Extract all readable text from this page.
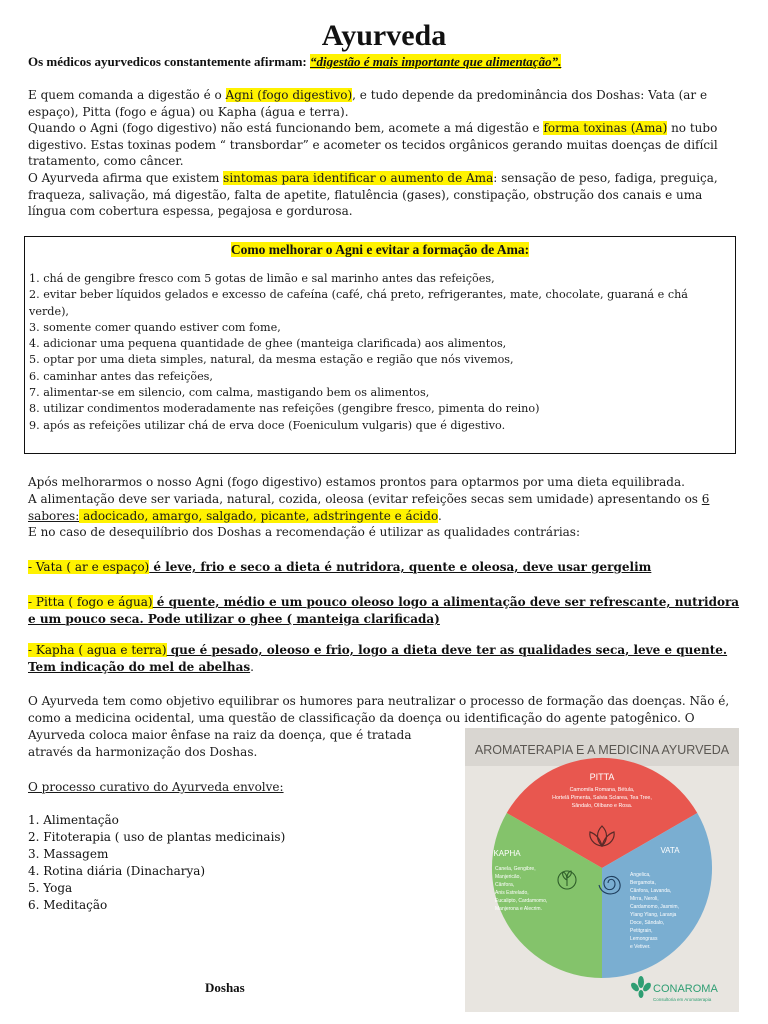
Ayurveda
Os médicos ayurvedicos constantemente afirmam: “digestão é mais importante que alimentação”.

E quem comanda a digestão é o Agni (fogo digestivo), e tudo depende da predominância dos Doshas: Vata (ar e espaço), Pitta (fogo e água) ou Kapha (água e terra).

Quando o Agni (fogo digestivo) não está funcionando bem, acomete a má digestão e forma toxinas (Ama) no tubo digestivo. Estas toxinas podem “ transbordar” e acometer os tecidos orgânicos gerando muitas doenças de difícil tratamento, como câncer.

O Ayurveda afirma que existem sintomas para identificar o aumento de Ama: sensação de peso, fadiga, preguiça, fraqueza, salivação, má digestão, falta de apetite, flatulência (gases), constipação, obstrução dos canais e uma língua com cobertura espessa, pegajosa e gordurosa.

Como melhorar o Agni e evitar a formação de Ama:
1. chá de gengibre fresco com 5 gotas de limão e sal marinho antes das refeições,
2. evitar beber líquidos gelados e excesso de cafeína (café, chá preto, refrigerantes, mate, chocolate, guaraná e chá verde),
3. somente comer quando estiver com fome,
4. adicionar uma pequena quantidade de ghee (manteiga clarificada) aos alimentos,
5. optar por uma dieta simples, natural, da mesma estação e região que nós vivemos,
6. caminhar antes das refeições,
7. alimentar-se em silencio, com calma, mastigando bem os alimentos,
8. utilizar condimentos moderadamente nas refeições (gengibre fresco, pimenta do reino)
9. após as refeições utilizar chá de erva doce (Foeniculum vulgaris) que é digestivo.

Após melhorarmos o nosso Agni (fogo digestivo) estamos prontos para optarmos por uma dieta equilibrada.

A alimentação deve ser variada, natural, cozida, oleosa (evitar refeições secas sem umidade) apresentando os 6 sabores: adocicado, amargo, salgado, picante, adstringente e ácido.

E no caso de desequilíbrio dos Doshas a recomendação é utilizar as qualidades contrárias:

- Vata ( ar e espaço) é leve, frio e seco a dieta é nutridora, quente e oleosa, deve usar gergelim
- Pitta ( fogo e água) é quente, médio e um pouco oleoso logo a alimentação deve ser refrescante, nutridora e um pouco seca. Pode utilizar o ghee ( manteiga clarificada)
- Kapha ( agua e terra) que é pesado, oleoso e frio, logo a dieta deve ter as qualidades seca, leve e quente. Tem indicação do mel de abelhas.

O Ayurveda tem como objetivo equilibrar os humores para neutralizar o processo de formação das doenças. Não é, como a medicina ocidental, uma questão de classificação da doença ou identificação do agente patogênico. O

Ayurveda coloca maior ênfase na raiz da doença, que é tratada

através da harmonização dos Doshas.

O processo curativo do Ayurveda envolve:
1. Alimentação
2. Fitoterapia ( uso de plantas medicinais)
3. Massagem
4. Rotina diária (Dinacharya)
5. Yoga
6. Meditação
Doshas
AROMATERAPIA E A MEDICINA AYURVEDA
PITTA
Camomila Romana, Bétula,
Hortelã Pimenta, Salvia Sclarea, Tea Tree,
Sândalo, Olíbano e Rosa.
KAPHA
Canela, Gengibre,
Manjericão,
Cânfora,
Anis Estrelado,
Eucalipto, Cardamomo,
Manjerona e Alecrim.
VATA
Angelica,
Bergamota,
Cânfora, Lavanda,
Mirra, Neroli,
Cardamomo, Jasmim,
Ylang Ylang, Laranja
Doce, Sândalo,
Petitgrain,
Lemongrass
e Vetiver.
CONAROMA
Consultoria em Aromaterapia
